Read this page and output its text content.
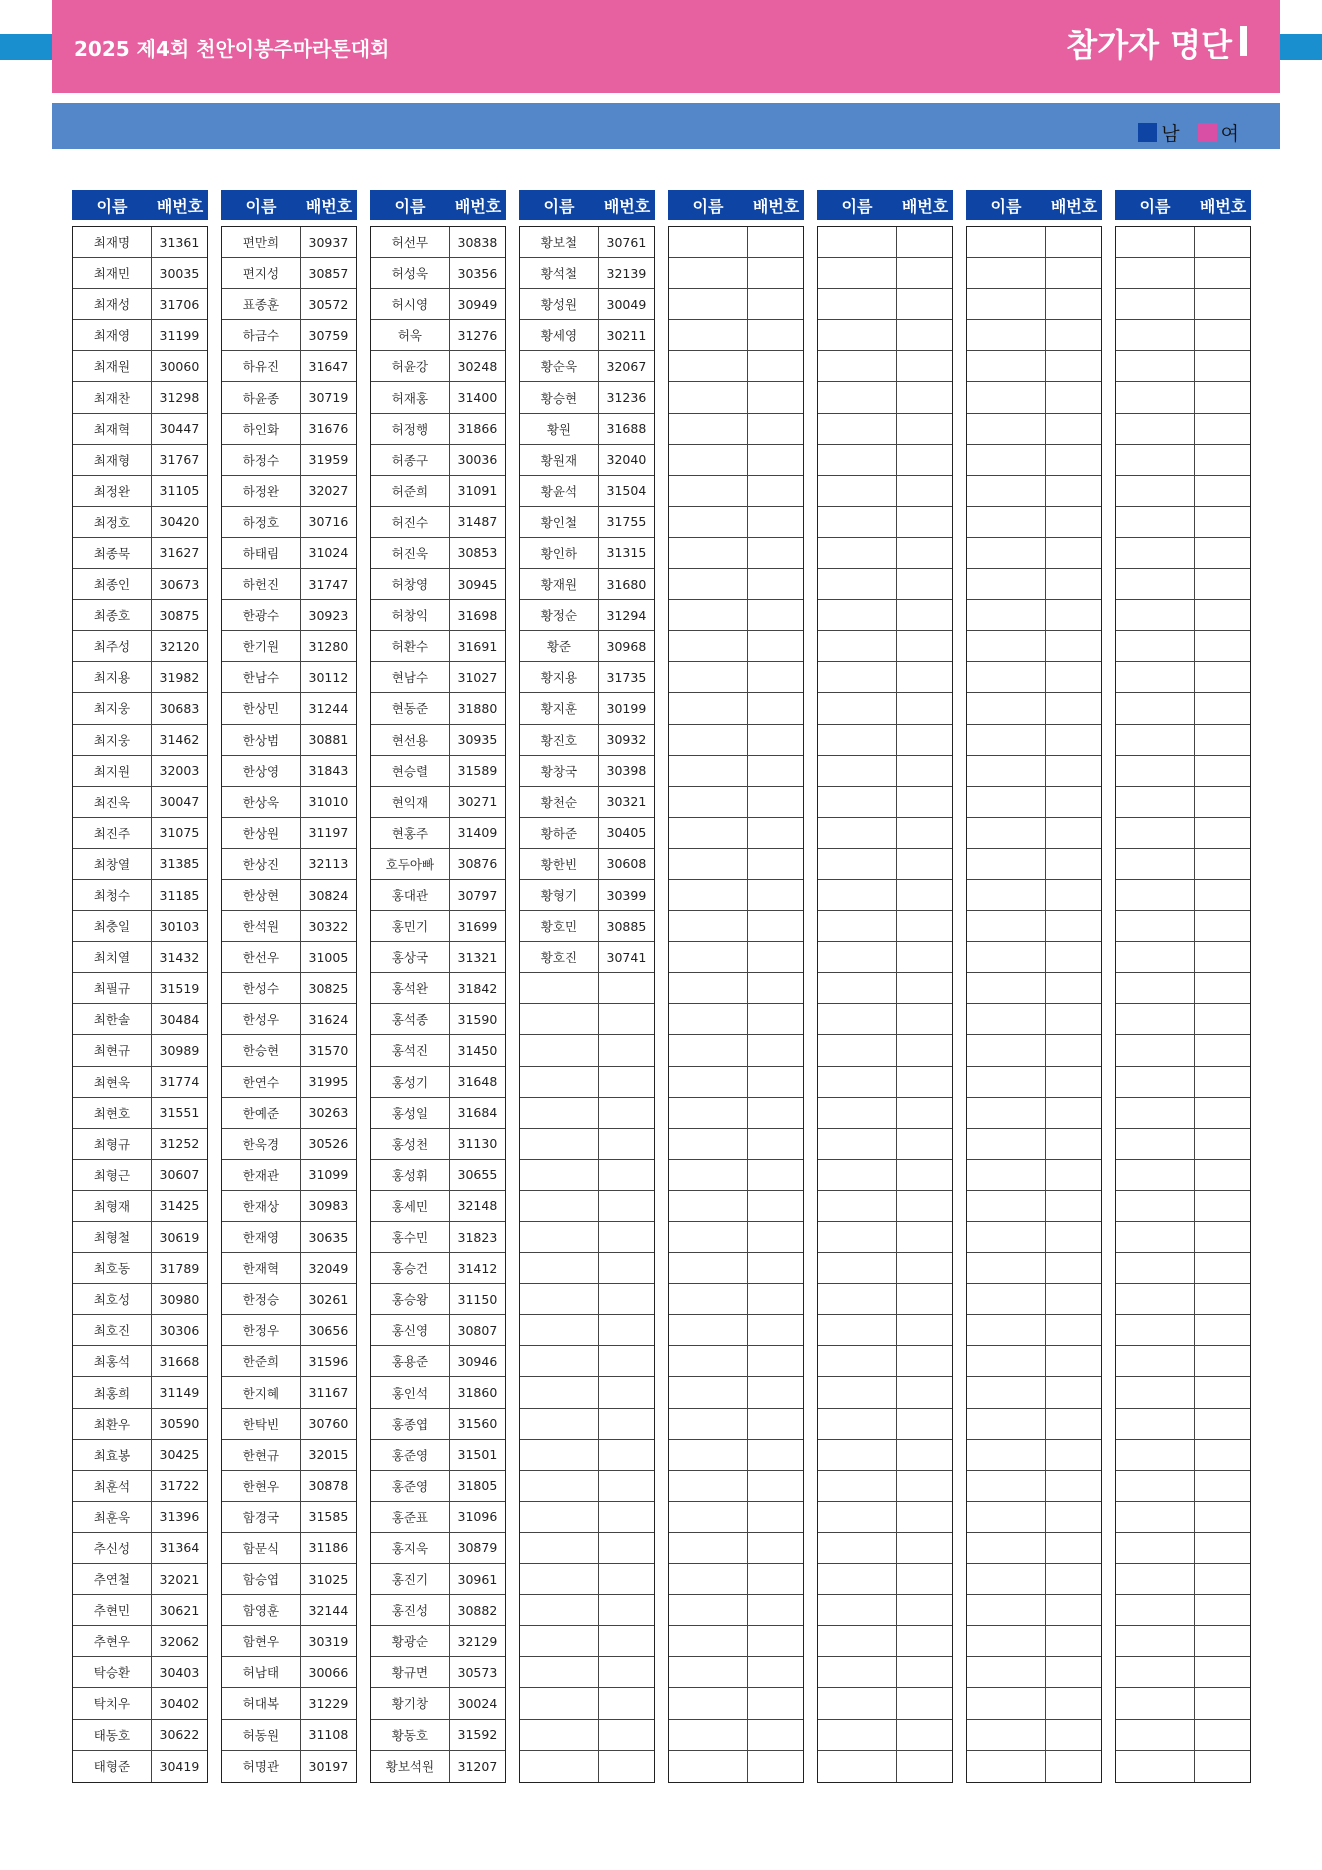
2025 제4회 천안이봉주마라톤대회	참가자 명단
남 여
이름	배번호
최재명	31361
최재민	30035
최재성	31706
최재영	31199
최재원	30060
최재찬	31298
최재혁	30447
최재형	31767
최정완	31105
최정호	30420
최종묵	31627
최종인	30673
최종호	30875
최주성	32120
최지용	31982
최지웅	30683
최지웅	31462
최지원	32003
최진욱	30047
최진주	31075
최창열	31385
최청수	31185
최충일	30103
최치열	31432
최필규	31519
최한솔	30484
최현규	30989
최현욱	31774
최현호	31551
최형규	31252
최형근	30607
최형재	31425
최형철	30619
최호동	31789
최호성	30980
최호진	30306
최홍석	31668
최홍희	31149
최환우	30590
최효봉	30425
최훈석	31722
최훈욱	31396
추신성	31364
추연철	32021
추현민	30621
추현우	32062
탁승환	30403
탁치우	30402
태동호	30622
태형준	30419
이름	배번호
편만희	30937
편지성	30857
표종훈	30572
하금수	30759
하유진	31647
하윤종	30719
하인화	31676
하정수	31959
하정완	32027
하정호	30716
하태림	31024
하헌진	31747
한광수	30923
한기원	31280
한남수	30112
한상민	31244
한상범	30881
한상영	31843
한상욱	31010
한상원	31197
한상진	32113
한상현	30824
한석원	30322
한선우	31005
한성수	30825
한성우	31624
한승현	31570
한연수	31995
한예준	30263
한욱경	30526
한재관	31099
한재상	30983
한재영	30635
한재혁	32049
한정승	30261
한정우	30656
한준희	31596
한지혜	31167
한탁빈	30760
한현규	32015
한현우	30878
함경국	31585
함문식	31186
함승엽	31025
함영훈	32144
함현우	30319
허남태	30066
허대복	31229
허동원	31108
허명관	30197
이름	배번호
허선무	30838
허성욱	30356
허시영	30949
허욱	31276
허윤강	30248
허재홍	31400
허정행	31866
허종구	30036
허준희	31091
허진수	31487
허진욱	30853
허창영	30945
허창익	31698
허환수	31691
현남수	31027
현동준	31880
현선용	30935
현승렬	31589
현익재	30271
현홍주	31409
호두아빠	30876
홍대관	30797
홍민기	31699
홍상국	31321
홍석완	31842
홍석종	31590
홍석진	31450
홍성기	31648
홍성일	31684
홍성천	31130
홍성휘	30655
홍세민	32148
홍수민	31823
홍승건	31412
홍승왕	31150
홍신영	30807
홍용준	30946
홍인석	31860
홍종엽	31560
홍준영	31501
홍준영	31805
홍준표	31096
홍지욱	30879
홍진기	30961
홍진성	30882
황광순	32129
황규면	30573
황기창	30024
황동호	31592
황보석원	31207
이름	배번호
황보철	30761
황석철	32139
황성원	30049
황세영	30211
황순욱	32067
황승현	31236
황원	31688
황원재	32040
황윤석	31504
황인철	31755
황인하	31315
황재원	31680
황정순	31294
황준	30968
황지용	31735
황지훈	30199
황진호	30932
황창국	30398
황천순	30321
황하준	30405
황한빈	30608
황형기	30399
황호민	30885
황호진	30741
이름	배번호	이름	배번호	이름	배번호	이름	배번호
